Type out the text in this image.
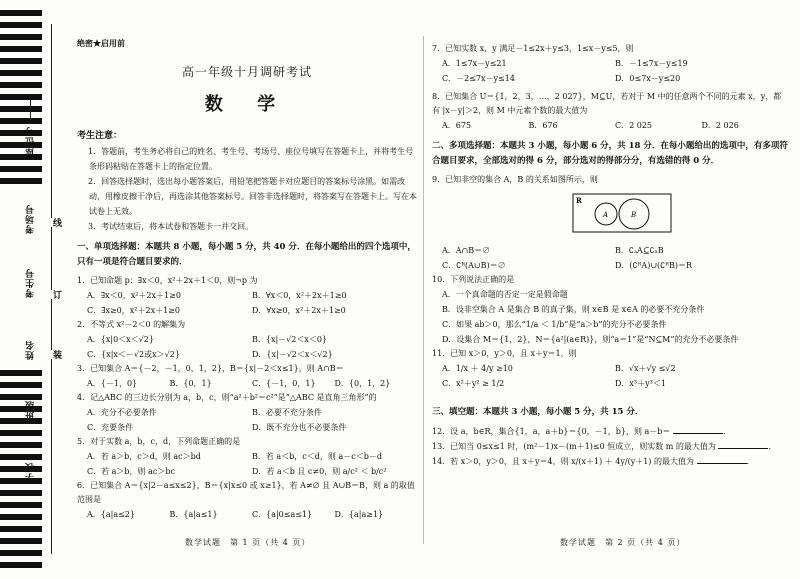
座位号
考场号
考生号
姓名
班级
学校
线
订
装
绝密★启用前
高一年级十月调研考试
数 学
考生注意：
1．答题前，考生务必将自己的姓名、考生号、考场号、座位号填写在答题卡上，并将考生号条形码粘贴在答题卡上的指定位置。
2．回答选择题时，选出每小题答案后，用铅笔把答题卡对应题目的答案标号涂黑。如需改动，用橡皮擦干净后，再选涂其他答案标号。回答非选择题时，将答案写在答题卡上。写在本试卷上无效。
3．考试结束后，将本试卷和答题卡一并交回。
一、单项选择题：本题共 8 小题，每小题 5 分，共 40 分．在每小题给出的四个选项中，只有一项是符合题目要求的．
1．已知命题 p：∃x＜0，x²＋2x＋1＜0，则¬p 为
A．∃x＜0，x²＋2x＋1≥0	B．∀x＜0，x²＋2x＋1≥0
C．∃x≥0，x²＋2x＋1≥0	D．∀x≥0，x²＋2x＋1≥0
2．不等式 x²－2＜0 的解集为
A．{x|0＜x＜√2}	B．{x|－√2＜x＜0}
C．{x|x＜－√2或x＞√2}	D．{x|－√2＜x＜√2}
3．已知集合 A＝{－2，－1，0，1，2}，B＝{x|－2＜x≤1}，则 A∩B＝
A．{－1，0}	B．{0，1}	C．{－1，0，1}	D．{0，1，2}
4．记△ABC 的三边长分别为 a，b，c，则“a²＋b²＝c²”是“△ABC 是直角三角形”的
A．充分不必要条件	B．必要不充分条件
C．充要条件	D．既不充分也不必要条件
5．对于实数 a，b，c，d，下列命题正确的是
A．若 a＞b，c＞d，则 ac＞bd	B．若 a＜b，c＜d，则 a－c＜b－d
C．若 a＞b，则 ac＞bc	D．若 a＜b 且 c≠0，则 a/c² ＜ b/c²
6．已知集合 A＝{x|2－a≤x≤2}，B＝{x|x≤0 或 x≥1}，若 A≠∅ 且 A∪B＝B，则 a 的取值范围是
A．{a|a≤2}	B．{a|a≤1}	C．{a|0≤a≤1}	D．{a|a≥1}
7．已知实数 x，y 满足－1≤2x＋y≤3，1≤x－y≤5，则
A．1≤7x－y≤21	B．－1≤7x－y≤19
C．－2≤7x－y≤14	D．0≤7x－y≤20
8．已知集合 U＝{1，2，3，…，2 027}，M⊆U，若对于 M 中的任意两个不同的元素 x，y，都有 |x－y|＞2，则 M 中元素个数的最大值为
A．675	B．676	C．2 025	D．2 026
二、多项选择题：本题共 3 小题，每小题 6 分，共 18 分．在每小题给出的选项中，有多项符合题目要求，全部选对的得 6 分，部分选对的得部分分，有选错的得 0 分．
9．已知非空的集合 A，B 的关系如图所示，则
R
A	B
A．A∩B＝∅	B．∁ₐA⊆∁ₐB
C．∁ᴿ(A∪B)＝∅	D．(∁ᴿA)∪(∁ᴿB)＝R
10．下列说法正确的是
A．一个真命题的否定一定是假命题
B．设非空集合 A 是集合 B 的真子集，则 x∈B 是 x∈A 的必要不充分条件
C．如果 ab＞0，那么“1/a ＜ 1/b”是“a＞b”的充分不必要条件
D．设集合 M＝{1，2}，N＝{a²|(a∈R)}，则“a＝1”是“N⊆M”的充分不必要条件
11．已知 x＞0，y＞0，且 x＋y＝1，则
A．1/x ＋ 4/y ≥10	B．√x＋√y ≤√2
C．x²＋y² ≥ 1/2	D．x³＋y³＜1
三、填空题：本题共 3 小题，每小题 5 分，共 15 分．
12．设 a，b∈R，集合{1，a，a＋b}＝{0，－1，b}，则 a－b＝	．
13．已知当 0≤x≤1 时，(m²－1)x－(m＋1)≤0 恒成立，则实数 m 的最大值为	．
14．若 x＞0，y＞0，且 x＋y＝4，则 x/(x＋1) ＋ 4y/(y＋1) 的最大值为	．
数学试题　第 1 页（共 4 页）	数学试题　第 2 页（共 4 页）
